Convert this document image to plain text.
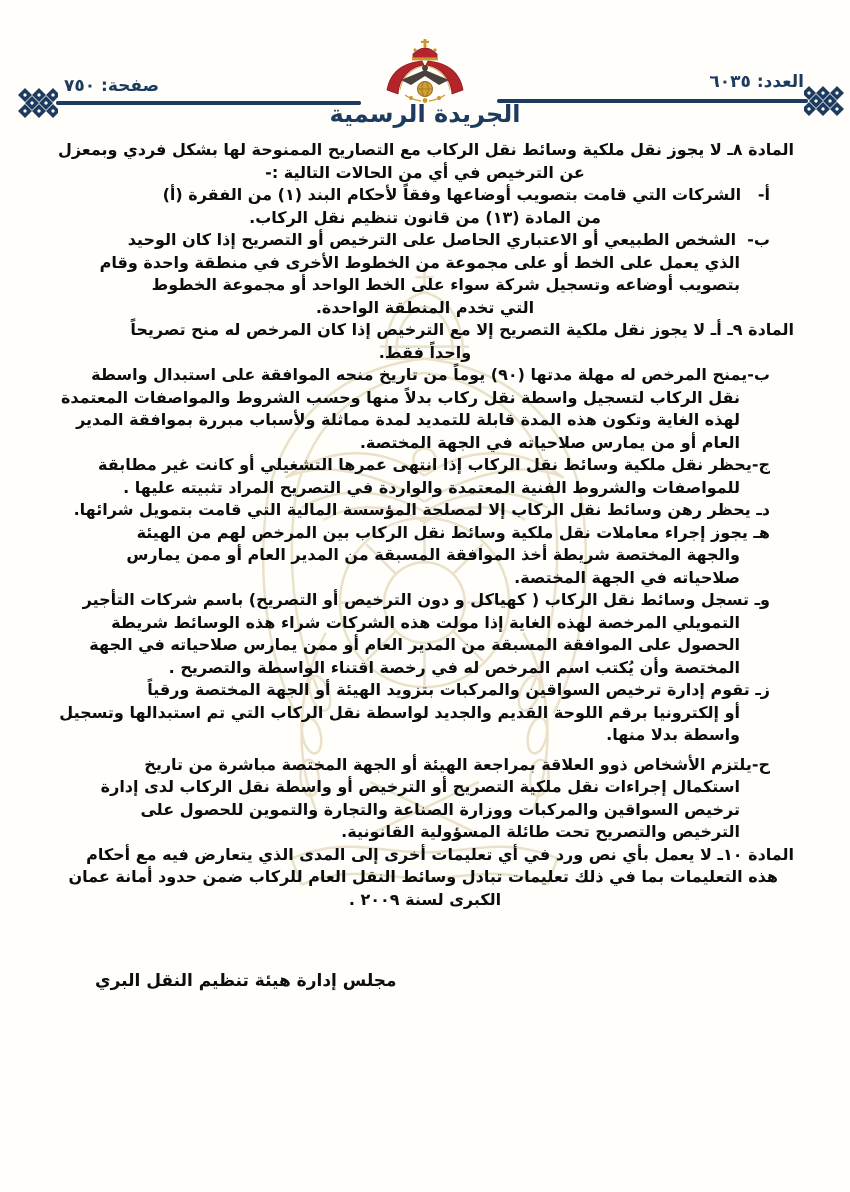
العدد: ٦٠٣٥
صفحة: ٧٥٠
الجريدة الرسمية
المادة ٨ـ لا يجوز نقل ملكية وسائط نقل الركاب مع التصاريح الممنوحة لها بشكل فردي وبمعزل
عن الترخيص في أي من الحالات التالية :-
أ-   الشركات التي قامت بتصويب أوضاعها وفقاً لأحكام البند (١) من الفقرة (أ)
من المادة (١٣) من قانون تنظيم نقل الركاب.
ب-  الشخص الطبيعي أو الاعتباري الحاصل على الترخيص أو التصريح إذا كان الوحيد
الذي يعمل على الخط أو على مجموعة من الخطوط الأخرى في منطقة واحدة وقام
بتصويب أوضاعه وتسجيل شركة سواء على الخط الواحد أو مجموعة الخطوط
التي تخدم المنطقة الواحدة.
المادة ٩ـ أـ لا يجوز نقل ملكية التصريح إلا مع الترخيص إذا كان المرخص له منح تصريحاً
واحداً فقط.
ب-يمنح المرخص له مهلة مدتها (٩٠) يوماً من تاريخ منحه الموافقة على استبدال واسطة
نقل الركاب لتسجيل واسطة نقل ركاب بدلاً منها وحسب الشروط والمواصفات المعتمدة
لهذه الغاية وتكون هذه المدة قابلة للتمديد لمدة مماثلة ولأسباب مبررة بموافقة المدير
العام أو من يمارس صلاحياته في الجهة المختصة.
ج-يحظر نقل ملكية وسائط نقل الركاب إذا انتهى عمرها التشغيلي أو كانت غير مطابقة
للمواصفات والشروط الفنية المعتمدة والواردة في التصريح المراد تثبيته عليها .
دـ يحظر رهن وسائط نقل الركاب إلا لمصلحة المؤسسة المالية التي قامت بتمويل شرائها.
هـ يجوز إجراء معاملات نقل ملكية وسائط نقل الركاب بين المرخص لهم من الهيئة
والجهة المختصة شريطة أخذ الموافقة المسبقة من المدير العام أو ممن يمارس
صلاحياته في الجهة المختصة.
وـ تسجل وسائط نقل الركاب ( كهياكل و دون الترخيص أو التصريح) باسم شركات التأجير
التمويلي المرخصة لهذه الغاية إذا مولت هذه الشركات شراء هذه الوسائط شريطة
الحصول على الموافقة المسبقة من المدير العام أو ممن يمارس صلاحياته في الجهة
المختصة وأن يُكتب اسم المرخص له في رخصة اقتناء الواسطة والتصريح .
زـ تقوم إدارة ترخيص السواقين والمركبات بتزويد الهيئة أو الجهة المختصة ورقياً
أو إلكترونيا برقم اللوحة القديم والجديد لواسطة نقل الركاب التي تم استبدالها وتسجيل
واسطة بدلا منها.
ح-يلتزم الأشخاص ذوو العلاقة بمراجعة الهيئة أو الجهة المختصة مباشرة من تاريخ
استكمال إجراءات نقل ملكية التصريح أو الترخيص أو واسطة نقل الركاب لدى إدارة
ترخيص السواقين والمركبات ووزارة الصناعة والتجارة والتموين للحصول على
الترخيص والتصريح تحت طائلة المسؤولية القانونية.
المادة ١٠ـ لا يعمل بأي نص ورد في أي تعليمات أخرى إلى المدى الذي يتعارض فيه مع أحكام
هذه التعليمات بما في ذلك تعليمات تبادل وسائط النقل العام للركاب ضمن حدود أمانة عمان
الكبرى لسنة ٢٠٠٩ .
مجلس إدارة هيئة تنظيم النقل البري
